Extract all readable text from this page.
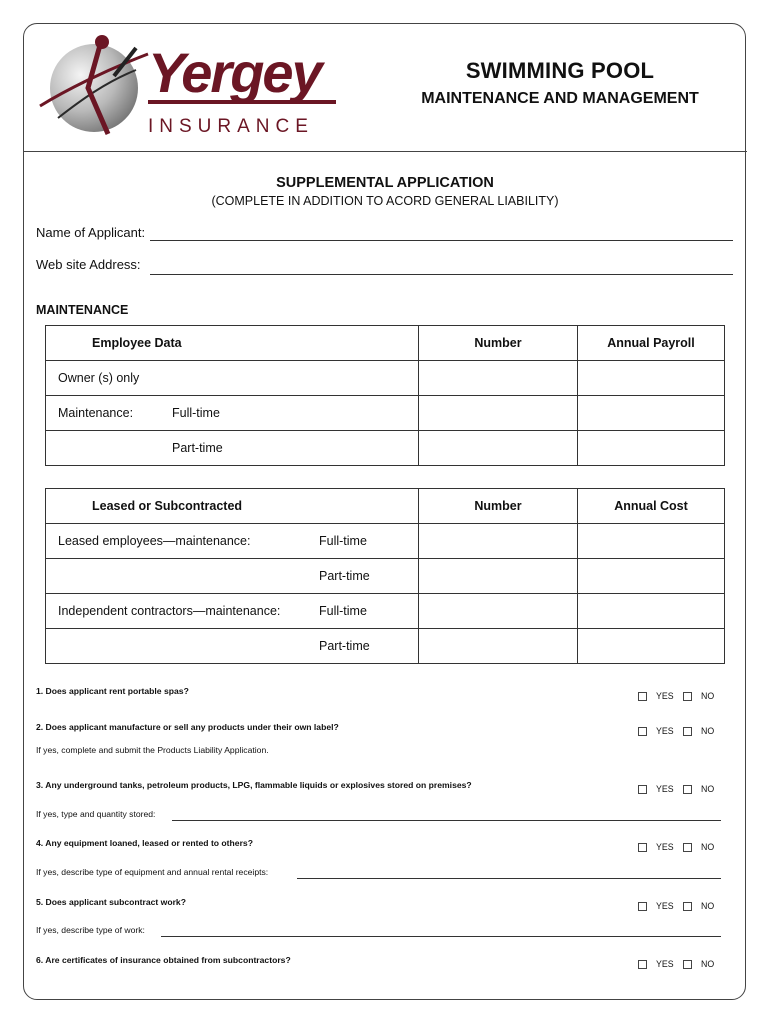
Yergey
INSURANCE
SWIMMING POOL
MAINTENANCE AND MANAGEMENT
SUPPLEMENTAL APPLICATION
(COMPLETE IN ADDITION TO ACORD GENERAL LIABILITY)
Name of Applicant:
Web site Address:
MAINTENANCE
Employee Data	Number	Annual Payroll

Owner (s) only		

Maintenance: Full-time		

Part-time		

Leased or Subcontracted	Number	Annual Cost

Leased employees—maintenance: Full-time		

Part-time		

Independent contractors—maintenance: Full-time		

Part-time		

1. Does applicant rent portable spas?	YES	NO
2. Does applicant manufacture or sell any products under their own label?	YES	NO
If yes, complete and submit the Products Liability Application.
3. Any underground tanks, petroleum products, LPG, flammable liquids or explosives stored on premises?	YES	NO
If yes, type and quantity stored:
4. Any equipment loaned, leased or rented to others?	YES	NO
If yes, describe type of equipment and annual rental receipts:
5. Does applicant subcontract work?	YES	NO
If yes, describe type of work:
6. Are certificates of insurance obtained from subcontractors?	YES	NO
